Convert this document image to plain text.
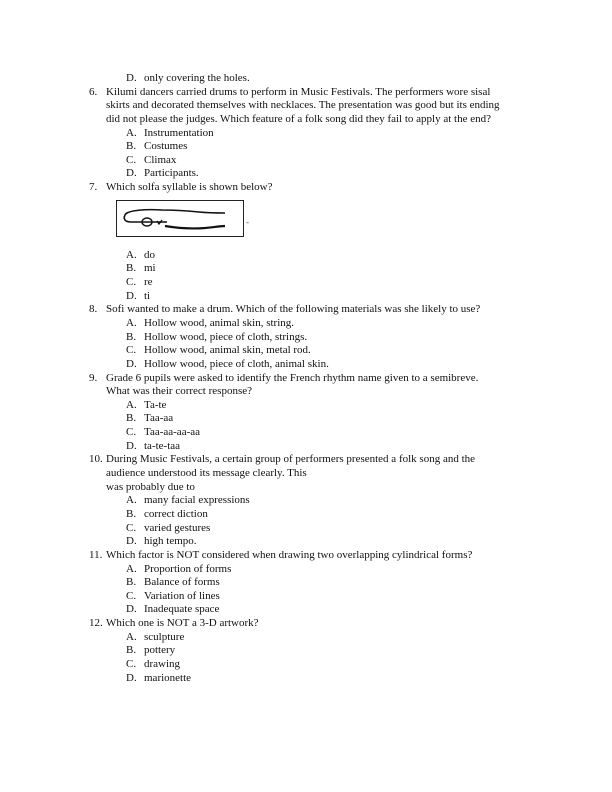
D. only covering the holes.
6. Kilumi dancers carried drums to perform in Music Festivals. The performers wore sisal
skirts and decorated themselves with necklaces. The presentation was good but its ending
did not please the judges. Which feature of a folk song did they fail to apply at the end?
A. Instrumentation
B. Costumes
C. Climax
D. Participants.
7. Which solfa syllable is shown below?
-
A. do
B. mi
C. re
D. ti
8. Sofi wanted to make a drum. Which of the following materials was she likely to use?
A. Hollow wood, animal skin, string.
B. Hollow wood, piece of cloth, strings.
C. Hollow wood, animal skin, metal rod.
D. Hollow wood, piece of cloth, animal skin.
9. Grade 6 pupils were asked to identify the French rhythm name given to a semibreve.
What was their correct response?
A. Ta-te
B. Taa-aa
C. Taa-aa-aa-aa
D. ta-te-taa
10. During Music Festivals, a certain group of performers presented a folk song and the
audience understood its message clearly. This
was probably due to
A. many facial expressions
B. correct diction
C. varied gestures
D. high tempo.
11. Which factor is NOT considered when drawing two overlapping cylindrical forms?
A. Proportion of forms
B. Balance of forms
C. Variation of lines
D. Inadequate space
12. Which one is NOT a 3-D artwork?
A. sculpture
B. pottery
C. drawing
D. marionette
